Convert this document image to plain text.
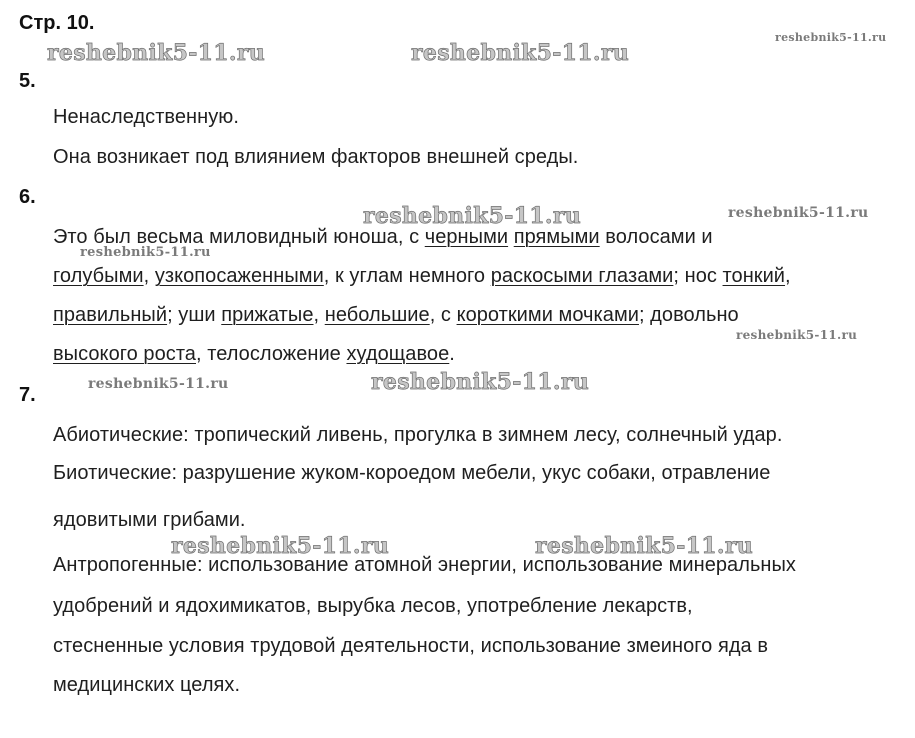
Стр. 10.
reshebnik5-11.ru	reshebnik5-11.ru
reshebnik5-11.ru
reshebnik5-11.ru	reshebnik5-11.ru
reshebnik5-11.ru
reshebnik5-11.ru
reshebnik5-11.ru	reshebnik5-11.ru
reshebnik5-11.ru	reshebnik5-11.ru
5.
Ненаследственную.
Она возникает под влиянием факторов внешней среды.
6.
Это был весьма миловидный юноша, с черными прямыми волосами и
голубыми, узкопосаженными, к углам немного раскосыми глазами; нос тонкий,
правильный; уши прижатые, небольшие, с короткими мочками; довольно
высокого роста, телосложение худощавое.
7.
Абиотические: тропический ливень, прогулка в зимнем лесу, солнечный удар.
Биотические: разрушение жуком-короедом мебели, укус собаки, отравление
ядовитыми грибами.
Антропогенные: использование атомной энергии, использование минеральных
удобрений и ядохимикатов, вырубка лесов, употребление лекарств,
стесненные условия трудовой деятельности, использование змеиного яда в
медицинских целях.
